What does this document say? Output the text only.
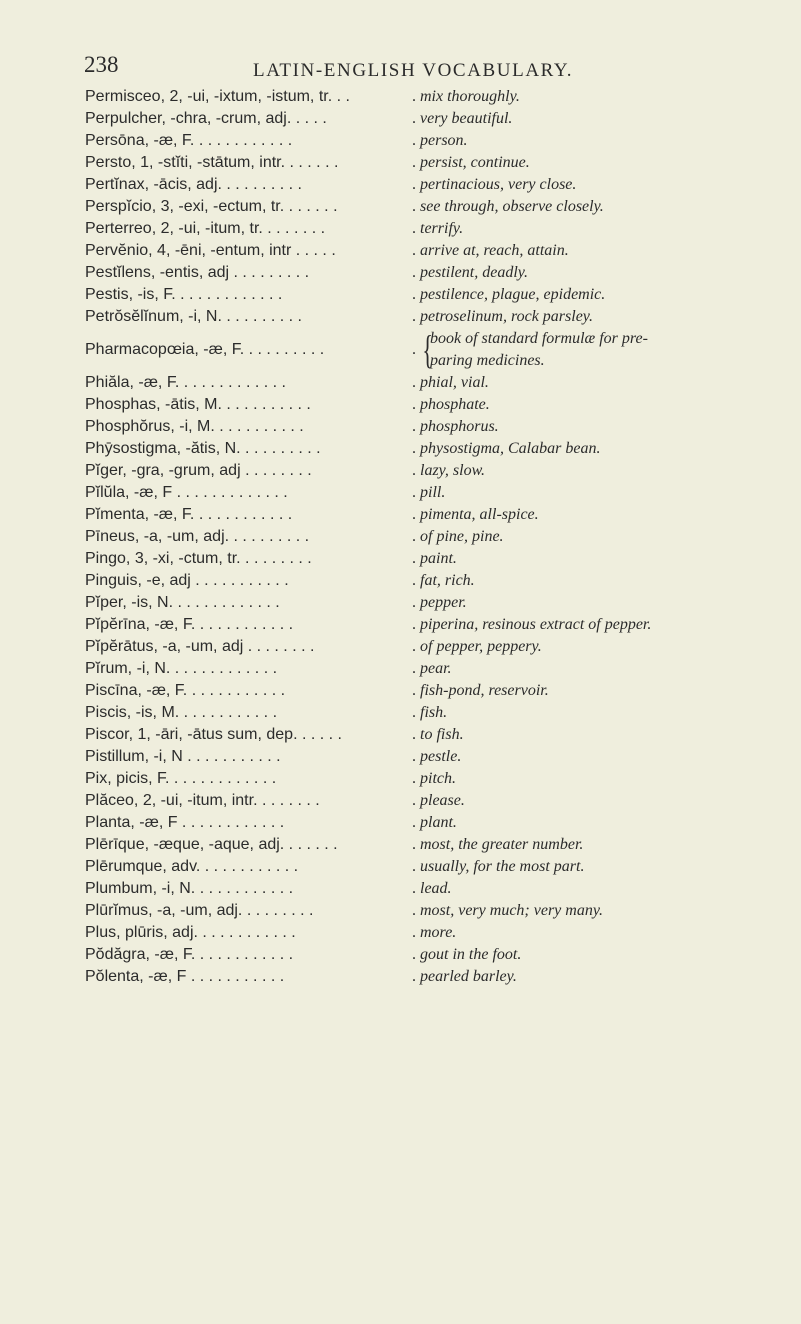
238	LATIN-ENGLISH VOCABULARY.
Permisceo, 2, -ui, -ixtum, -istum, tr. . .	. mix thoroughly.
Perpulcher, -chra, -crum, adj. . . . .	. very beautiful.
Persōna, -æ, F. . . . . . . . . . . .	. person.
Persto, 1, -stĭti, -stātum, intr. . . . . . .	. persist, continue.
Pertĭnax, -ācis, adj. . . . . . . . . .	. pertinacious, very close.
Perspĭcio, 3, -exi, -ectum, tr. . . . . . .	. see through, observe closely.
Perterreo, 2, -ui, -itum, tr. . . . . . . .	. terrify.
Pervĕnio, 4, -ēni, -entum, intr . . . . .	. arrive at, reach, attain.
Pestĭlens, -entis, adj . . . . . . . . .	. pestilent, deadly.
Pestis, -is, F. . . . . . . . . . . . .	. pestilence, plague, epidemic.
Petrŏsĕlĭnum, -i, N. . . . . . . . . .	. petroselinum, rock parsley.
Pharmacopœia, -æ, F. . . . . . . . . .	. {
book of standard formulæ for pre-
paring medicines.
Phiăla, -æ, F. . . . . . . . . . . . .	. phial, vial.
Phosphas, -ātis, M. . . . . . . . . . .	. phosphate.
Phosphŏrus, -i, M. . . . . . . . . . .	. phosphorus.
Phȳsostigma, -ătis, N. . . . . . . . . .	. physostigma, Calabar bean.
Pĭger, -gra, -grum, adj . . . . . . . .	. lazy, slow.
Pĭlŭla, -æ, F . . . . . . . . . . . . .	. pill.
Pĭmenta, -æ, F. . . . . . . . . . . .	. pimenta, all-spice.
Pīneus, -a, -um, adj. . . . . . . . . .	. of pine, pine.
Pingo, 3, -xi, -ctum, tr. . . . . . . . .	. paint.
Pinguis, -e, adj . . . . . . . . . . .	. fat, rich.
Pĭper, -is, N. . . . . . . . . . . . .	. pepper.
Pĭpĕrīna, -æ, F. . . . . . . . . . . .	. piperina, resinous extract of pepper.
Pĭpĕrātus, -a, -um, adj . . . . . . . .	. of pepper, peppery.
Pĭrum, -i, N. . . . . . . . . . . . .	. pear.
Piscīna, -æ, F. . . . . . . . . . . .	. fish-pond, reservoir.
Piscis, -is, M. . . . . . . . . . . .	. fish.
Piscor, 1, -āri, -ātus sum, dep. . . . . .	. to fish.
Pistillum, -i, N . . . . . . . . . . .	. pestle.
Pix, picis, F. . . . . . . . . . . . .	. pitch.
Plăceo, 2, -ui, -itum, intr. . . . . . . .	. please.
Planta, -æ, F . . . . . . . . . . . .	. plant.
Plērīque, -æque, -aque, adj. . . . . . .	. most, the greater number.
Plērumque, adv. . . . . . . . . . . .	. usually, for the most part.
Plumbum, -i, N. . . . . . . . . . . .	. lead.
Plūrĭmus, -a, -um, adj. . . . . . . . .	. most, very much; very many.
Plus, plūris, adj. . . . . . . . . . . .	. more.
Pŏdăgra, -æ, F. . . . . . . . . . . .	. gout in the foot.
Pŏlenta, -æ, F . . . . . . . . . . .	. pearled barley.
